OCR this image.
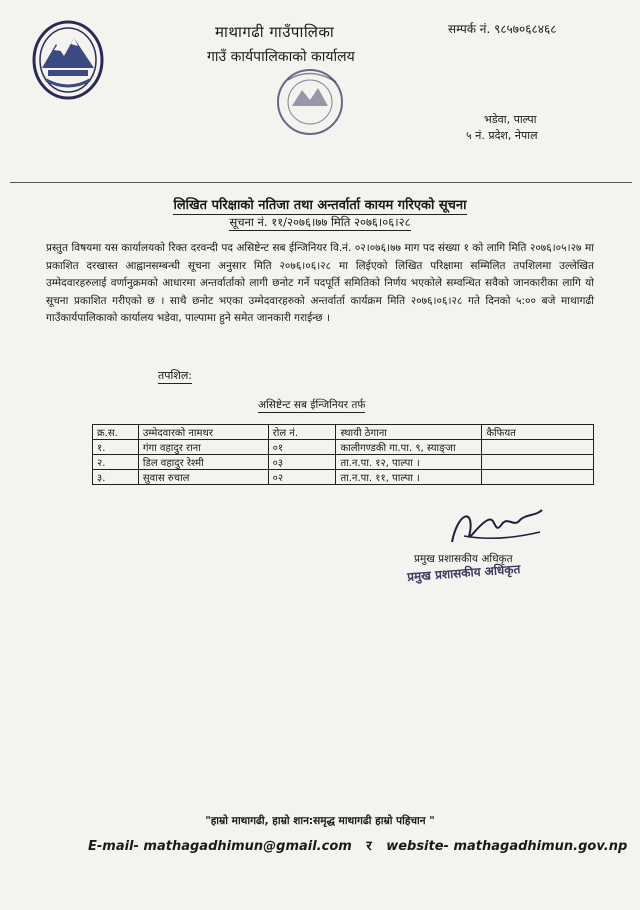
माथागढी गाउँपालिका
गाउँ कार्यपालिकाको कार्यालय
सम्पर्क नं. ९८५७०६८४६८
भडेवा, पाल्पा
५ नं. प्रदेश, नेपाल
लिखित परिक्षाको नतिजा तथा अन्तर्वार्ता कायम गरिएको सूचना
सूचना नं. ११/२०७६।७७ मिति २०७६।०६।२८

प्रस्तुत विषयमा यस कार्यालयको रिक्त दरवन्दी पद असिष्टेन्ट सब ईन्जिनियर वि.नं. ०२।०७६।७७ माग पद संख्या १ को लागि मिति २०७६।०५।२७ मा प्रकाशित दरखास्त आह्वानसम्बन्धी सूचना अनुसार मिति २०७६।०६।२८ मा लिईएको लिखित परिक्षामा सम्मिलित तपशिलमा उल्लेखित उम्मेदवारहरुलाई वर्णानुक्रमको आधारमा अन्तर्वार्ताको लागी छनोट गर्ने पदपूर्ति समितिको निर्णय भएकोले सम्वन्धित सवैको जानकारीका लागि यो सूचना प्रकाशित गरीएको छ । साथै छनोट भएका उम्मेदवारहरुको अन्तर्वार्ता कार्यक्रम मिति २०७६।०६।२८ गते दिनको ५:०० बजे माथागढी गाउँकार्यपालिकाको कार्यालय भडेवा, पाल्पामा हुने समेत जानकारी गराईन्छ ।

तपशिल:
असिष्टेन्ट सब ईन्जिनियर तर्फ
क्र.स.	उम्मेदवारको नामथर	रोल नं.	स्थायी ठेगाना	कैफियत
१.	गंगा वहादुर राना	०१	कालीगण्डकी गा.पा. ९, स्याङ्जा	
२.	डिल वहादुर रेश्मी	०३	ता.न.पा. १२, पाल्पा ।	
३.	सुवास रुचाल	०२	ता.न.पा. ११, पाल्पा ।	
प्रमुख प्रशासकीय अधिकृत
प्रमुख प्रशासकीय अधिकृत
"हाम्रो माथागढी, हाम्रो शान:समृद्ध माथागढी हाम्रो पहिचान "
E-mail- mathagadhimun@gmail.com र website- mathagadhimun.gov.np
